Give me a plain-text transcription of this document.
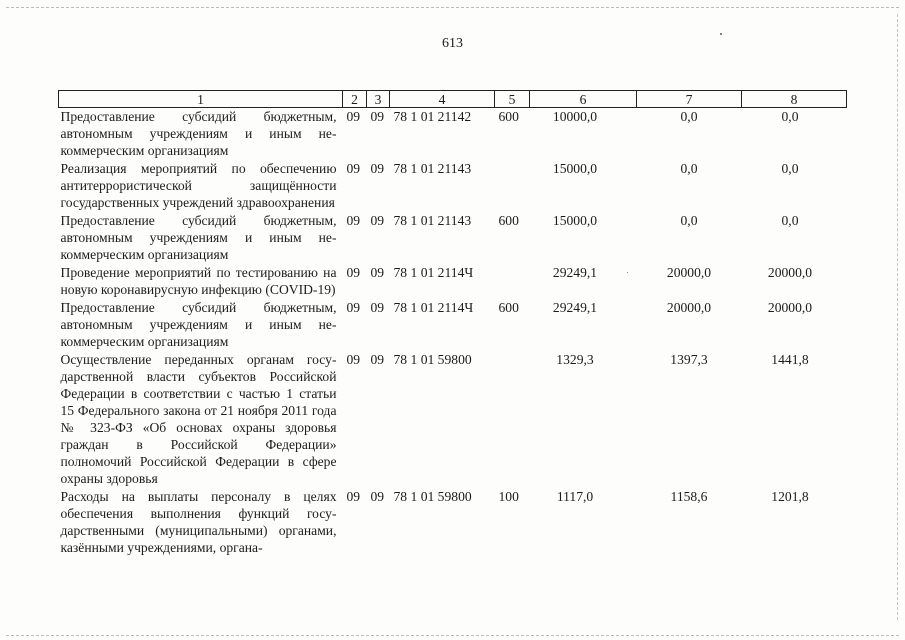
613
1	2	3	4	5	6	7	8
Предоставление субсидий бюджетным, автономным учреждениям и иным некоммерческим организациям	09	09	78 1 01 21142	600	10000,0	0,0	0,0
Реализация мероприятий по обеспечению антитеррористической защищённости государственных учреждений здравоохранения	09	09	78 1 01 21143		15000,0	0,0	0,0
Предоставление субсидий бюджетным, автономным учреждениям и иным некоммерческим организациям	09	09	78 1 01 21143	600	15000,0	0,0	0,0
Проведение мероприятий по тестированию на новую коронавирусную инфекцию (COVID-19)	09	09	78 1 01 2114Ч		29249,1	20000,0	20000,0
Предоставление субсидий бюджетным, автономным учреждениям и иным некоммерческим организациям	09	09	78 1 01 2114Ч	600	29249,1	20000,0	20000,0
Осуществление переданных органам государственной власти субъектов Российской Федерации в соответствии с частью 1 статьи 15 Федерального закона от 21 ноября 2011 года № 323-ФЗ «Об основах охраны здоровья граждан в Российской Федерации» полномочий Российской Федерации в сфере охраны здоровья	09	09	78 1 01 59800		1329,3	1397,3	1441,8
Расходы на выплаты персоналу в целях обеспечения выполнения функций государственными (муниципальными) органами, казёнными учреждениями, органа-	09	09	78 1 01 59800	100	1117,0	1158,6	1201,8
